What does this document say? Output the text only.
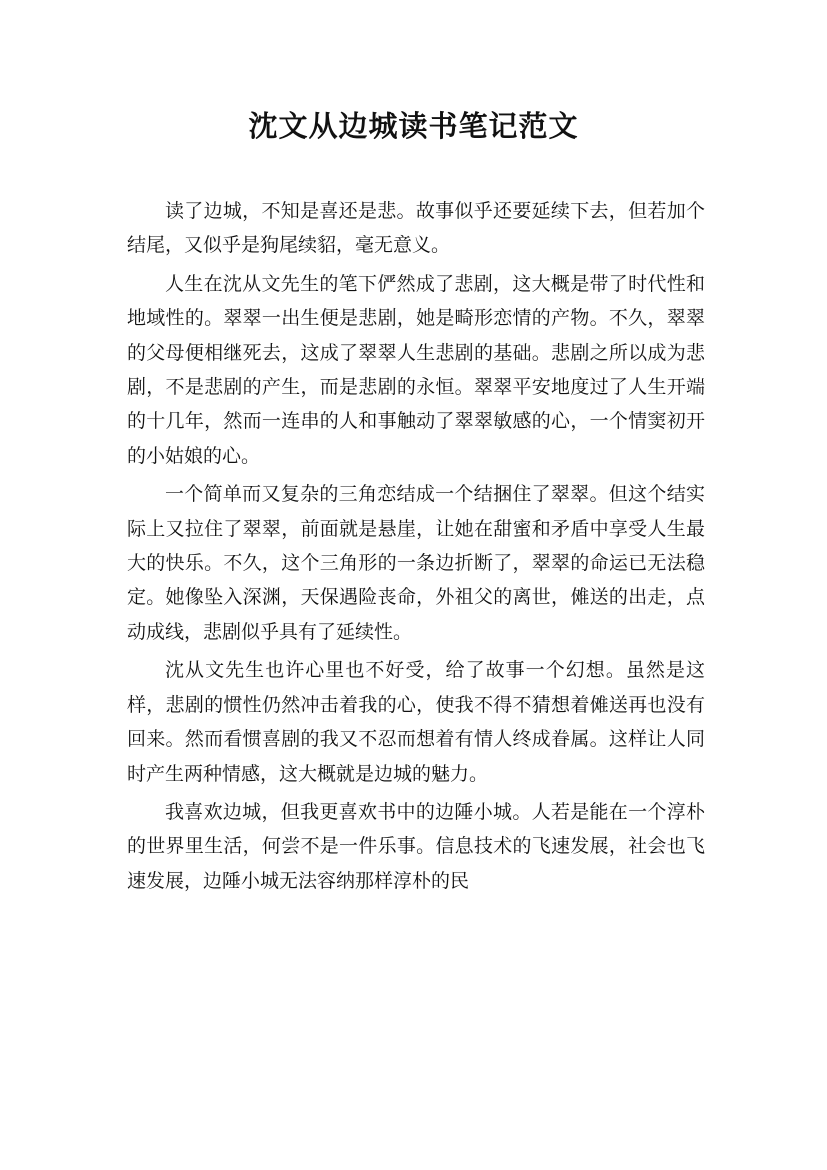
沈文从边城读书笔记范文

读了边城，不知是喜还是悲。故事似乎还要延续下去，但若加个结尾，又似乎是狗尾续貂，毫无意义。

人生在沈从文先生的笔下俨然成了悲剧，这大概是带了时代性和地域性的。翠翠一出生便是悲剧，她是畸形恋情的产物。不久，翠翠的父母便相继死去，这成了翠翠人生悲剧的基础。悲剧之所以成为悲剧，不是悲剧的产生，而是悲剧的永恒。翠翠平安地度过了人生开端的十几年，然而一连串的人和事触动了翠翠敏感的心，一个情窦初开的小姑娘的心。

一个简单而又复杂的三角恋结成一个结捆住了翠翠。但这个结实际上又拉住了翠翠，前面就是悬崖，让她在甜蜜和矛盾中享受人生最大的快乐。不久，这个三角形的一条边折断了，翠翠的命运已无法稳定。她像坠入深渊，天保遇险丧命，外祖父的离世，傩送的出走，点动成线，悲剧似乎具有了延续性。

沈从文先生也许心里也不好受，给了故事一个幻想。虽然是这样，悲剧的惯性仍然冲击着我的心，使我不得不猜想着傩送再也没有回来。然而看惯喜剧的我又不忍而想着有情人终成眷属。这样让人同时产生两种情感，这大概就是边城的魅力。

我喜欢边城，但我更喜欢书中的边陲小城。人若是能在一个淳朴的世界里生活，何尝不是一件乐事。信息技术的飞速发展，社会也飞速发展，边陲小城无法容纳那样淳朴的民
